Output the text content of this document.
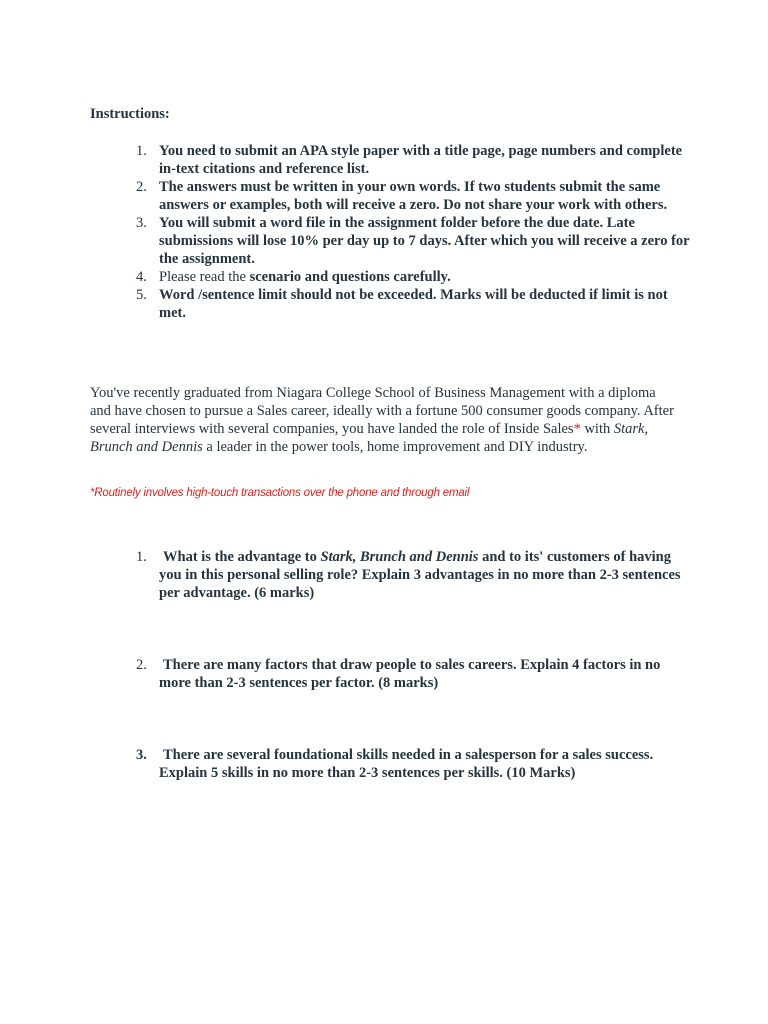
Instructions:
1. You need to submit an APA style paper with a title page, page numbers and complete in-text citations and reference list.
2. The answers must be written in your own words. If two students submit the same answers or examples, both will receive a zero. Do not share your work with others.
3. You will submit a word file in the assignment folder before the due date. Late submissions will lose 10% per day up to 7 days. After which you will receive a zero for the assignment.
4. Please read the scenario and questions carefully.
5. Word /sentence limit should not be exceeded. Marks will be deducted if limit is not met.

You've recently graduated from Niagara College School of Business Management with a diploma and have chosen to pursue a Sales career, ideally with a fortune 500 consumer goods company. After several interviews with several companies, you have landed the role of Inside Sales* with Stark, Brunch and Dennis a leader in the power tools, home improvement and DIY industry.

*Routinely involves high-touch transactions over the phone and through email
1.	What is the advantage to Stark, Brunch and Dennis and to its' customers of having you in this personal selling role? Explain 3 advantages in no more than 2-3 sentences per advantage. (6 marks)
2.	There are many factors that draw people to sales careers. Explain 4 factors in no more than 2-3 sentences per factor. (8 marks)
3.	There are several foundational skills needed in a salesperson for a sales success. Explain 5 skills in no more than 2-3 sentences per skills. (10 Marks)
